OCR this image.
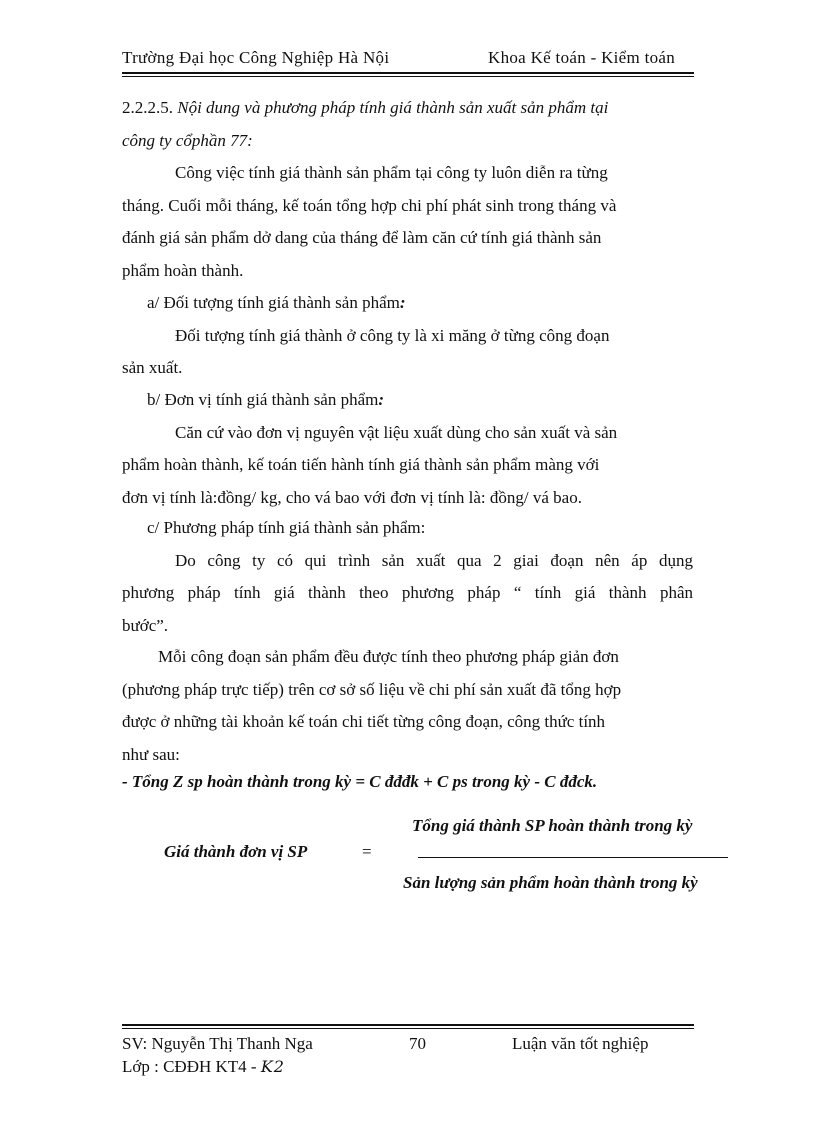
Trường Đại học Công Nghiệp Hà Nội	Khoa Kế toán - Kiểm toán
2.2.2.5. Nội dung và phương pháp tính giá thành sản xuất sản phẩm tại
công ty cổphần 77:
Công việc tính giá thành sản phẩm tại công ty luôn diễn ra từng
tháng. Cuối mỗi tháng, kế toán tổng hợp chi phí phát sinh trong tháng và
đánh giá sản phẩm dở dang của tháng để làm căn cứ tính giá thành sản
phẩm hoàn thành.
a/ Đối tượng tính giá thành sản phẩm:
Đối tượng tính giá thành ở công ty là xi măng ở từng công đoạn
sản xuất.
b/ Đơn vị tính giá thành sản phẩm:
Căn cứ vào đơn vị nguyên vật liệu xuất dùng cho sản xuất và sản
phẩm hoàn thành, kế toán tiến hành tính giá thành sản phẩm màng với
đơn vị tính là:đồng/ kg, cho vá bao với đơn vị tính là: đồng/ vá bao.
c/ Phương pháp tính giá thành sản phẩm:
Do công ty có qui trình sản xuất qua 2 giai đoạn nên áp dụng
phương pháp tính giá thành theo phương pháp “ tính giá thành phân
bước”.
Mỗi công đoạn sản phẩm đều được tính theo phương pháp giản đơn
(phương pháp trực tiếp) trên cơ sở số liệu về chi phí sản xuất đã tổng hợp
được ở những tài khoản kế toán chi tiết từng công đoạn, công thức tính
như sau:
- Tổng Z sp hoàn thành trong kỳ = C đđđk + C ps trong kỳ - C đđck.
Giá thành đơn vị SP	=
Tổng giá thành SP hoàn thành trong kỳ
Sản lượng sản phẩm hoàn thành trong kỳ
SV: Nguyễn Thị Thanh Nga	70	Luận văn tốt nghiệp
Lớp : CĐĐH KT4 - K2
